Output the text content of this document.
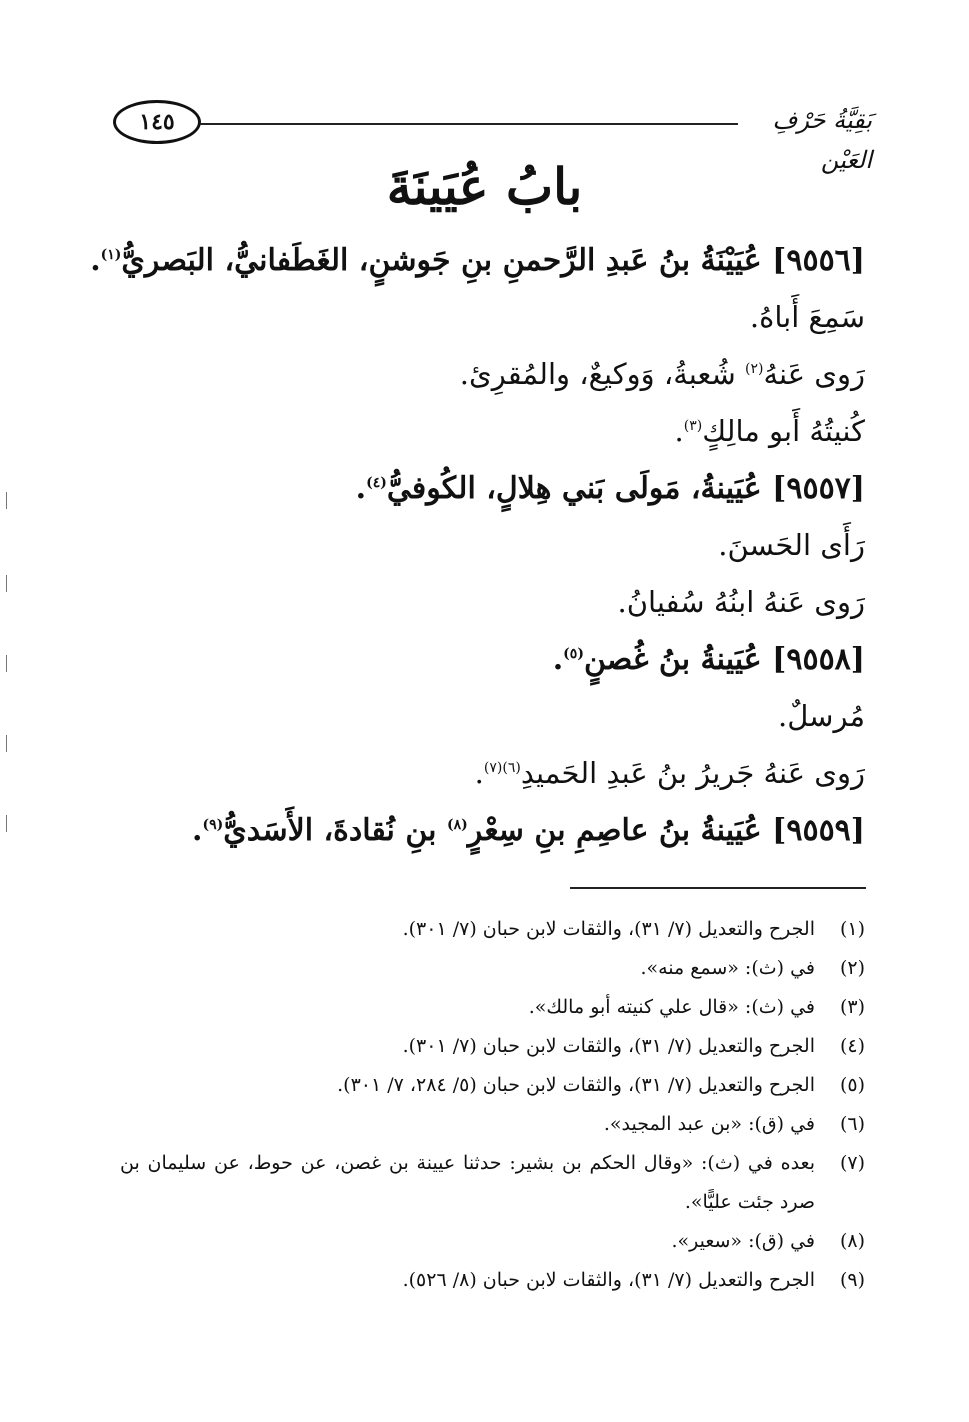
١٤٥	بَقِيَّةُ حَرْفِ العَيْن
بابُ عُيَينَةَ
[٩٥٥٦] عُيَيْنَةُ بنُ عَبدِ الرَّحمنِ بنِ جَوشنٍ، الغَطَفانيُّ، البَصريُّ$^{(١)}$.
سَمِعَ أَباهُ.
رَوى عَنهُ$^{(٢)}$ شُعبةُ، وَوكيعٌ، والمُقرِئ.
كُنيتُهُ أَبو مالِكٍ$^{(٣)}$.
[٩٥٥٧] عُيَينةُ، مَولَى بَني هِلالٍ، الكُوفيُّ$^{(٤)}$.
رَأَى الحَسنَ.
رَوى عَنهُ ابنُهُ سُفيانُ.
[٩٥٥٨] عُيَينةُ بنُ غُصنٍ$^{(٥)}$.
مُرسلٌ.
رَوى عَنهُ جَريرُ بنُ عَبدِ الحَميدِ$^{(٦)(٧)}$.
[٩٥٥٩] عُيَينةُ بنُ عاصِمِ بنِ سِعْرٍ$^{(٨)}$ بنِ نُقادةَ، الأَسَديُّ$^{(٩)}$.
(١)
الجرح والتعديل (٧/ ٣١)، والثقات لابن حبان (٧/ ٣٠١).
(٢)
في (ث): «سمع منه».
(٣)
في (ث): «قال علي كنيته أبو مالك».
(٤)
الجرح والتعديل (٧/ ٣١)، والثقات لابن حبان (٧/ ٣٠١).
(٥)
الجرح والتعديل (٧/ ٣١)، والثقات لابن حبان (٥/ ٢٨٤، ٧/ ٣٠١).
(٦)
في (ق): «بن عبد المجيد».
(٧)
بعده في (ث): «وقال الحكم بن بشير: حدثنا عيينة بن غصن، عن حوط، عن سليمان بن صرد جئت عليًّا».
(٨)
في (ق): «سعير».
(٩)
الجرح والتعديل (٧/ ٣١)، والثقات لابن حبان (٨/ ٥٢٦).
